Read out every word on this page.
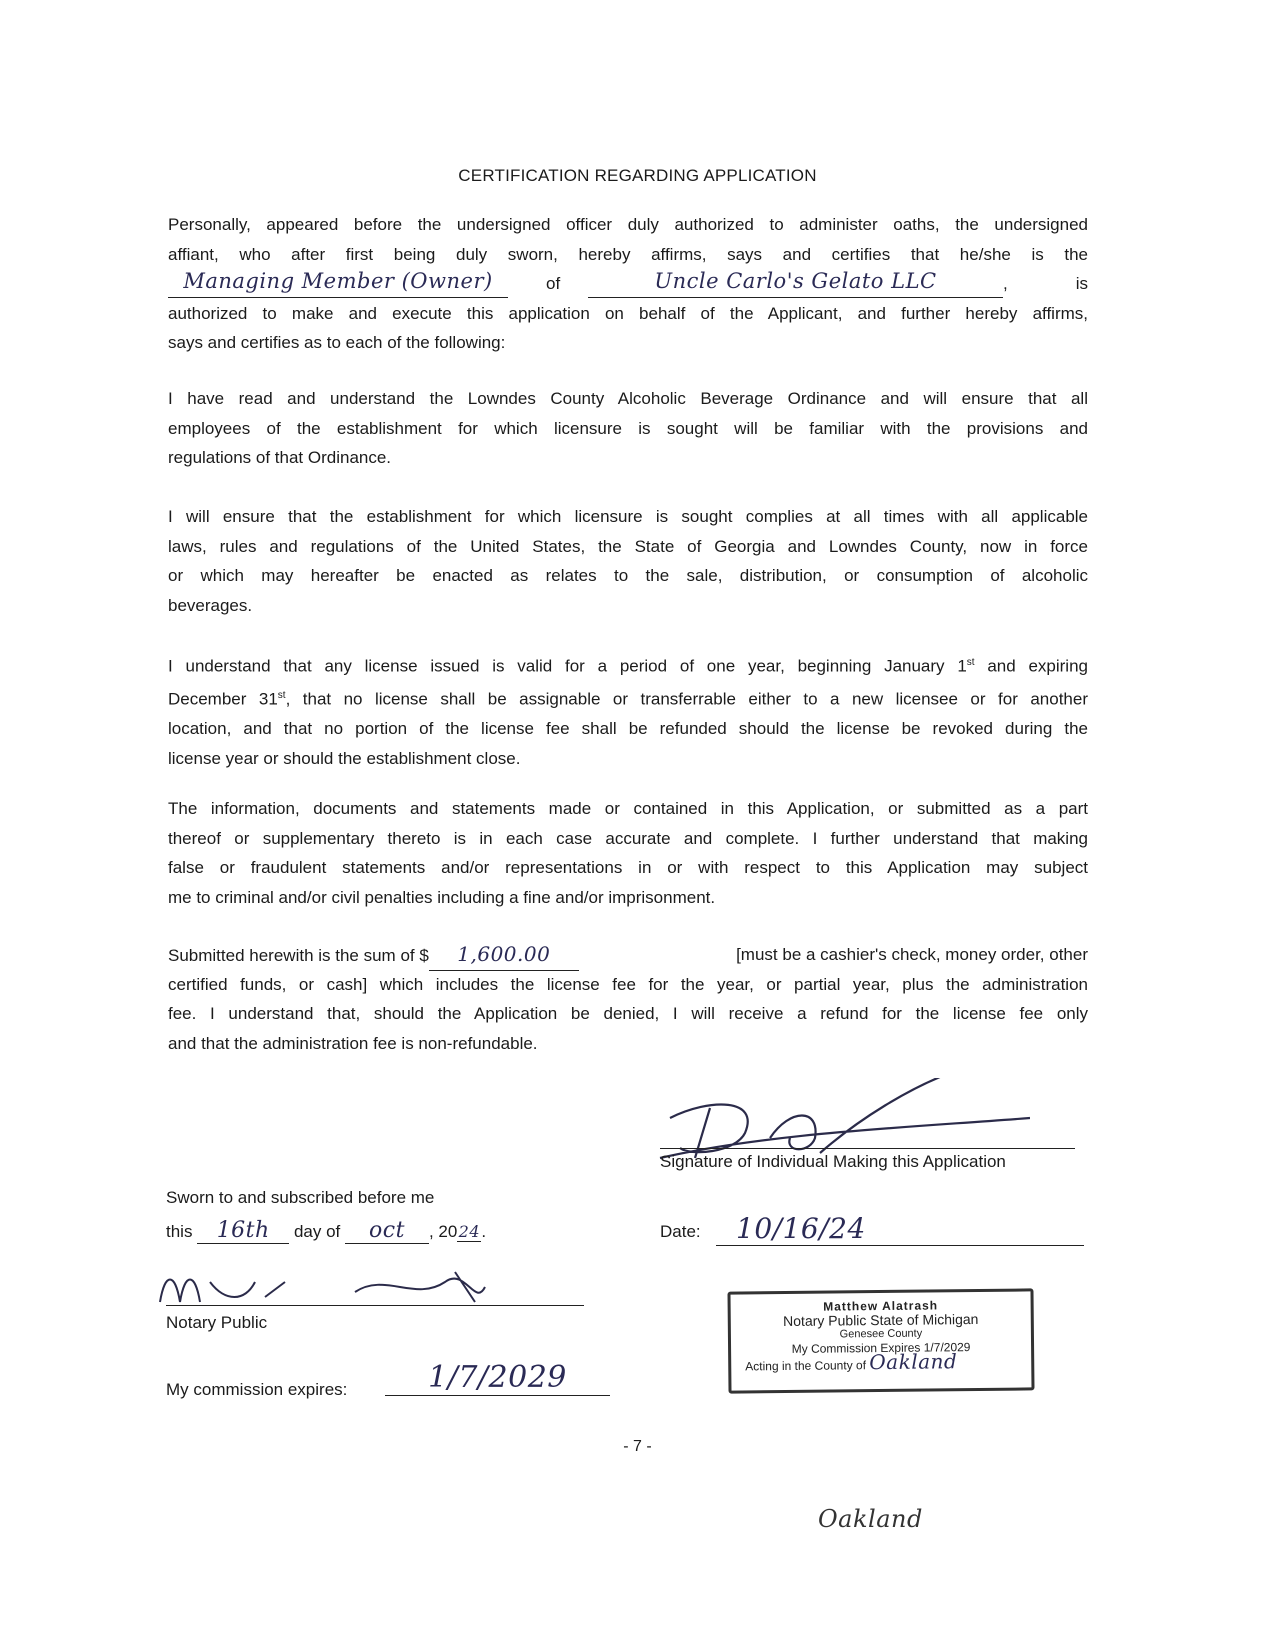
CERTIFICATION REGARDING APPLICATION
Personally, appeared before the undersigned officer duly authorized to administer oaths, the undersigned
affiant, who after first being duly sworn, hereby affirms, says and certifies that he/she is the
Managing Member (Owner)	of	Uncle Carlo's Gelato LLC	,	is
authorized to make and execute this application on behalf of the Applicant, and further hereby affirms,
says and certifies as to each of the following:
I have read and understand the Lowndes County Alcoholic Beverage Ordinance and will ensure that all
employees of the establishment for which licensure is sought will be familiar with the provisions and
regulations of that Ordinance.
I will ensure that the establishment for which licensure is sought complies at all times with all applicable
laws, rules and regulations of the United States, the State of Georgia and Lowndes County, now in force
or which may hereafter be enacted as relates to the sale, distribution, or consumption of alcoholic
beverages.
I understand that any license issued is valid for a period of one year, beginning January 1st and expiring
December 31st, that no license shall be assignable or transferrable either to a new licensee or for another
location, and that no portion of the license fee shall be refunded should the license be revoked during the
license year or should the establishment close.
The information, documents and statements made or contained in this Application, or submitted as a part
thereof or supplementary thereto is in each case accurate and complete. I further understand that making
false or fraudulent statements and/or representations in or with respect to this Application may subject
me to criminal and/or civil penalties including a fine and/or imprisonment.
Submitted herewith is the sum of $ 1,600.00	[must be a cashier's check, money order, other
certified funds, or cash] which includes the license fee for the year, or partial year, plus the administration
fee. I understand that, should the Application be denied, I will receive a refund for the license fee only
and that the administration fee is non-refundable.
Signature of Individual Making this Application
Date:	10/16/24
Sworn to and subscribed before me
this 16th day of oct , 2024.
Notary Public
My commission expires:	1/7/2029
Matthew Alatrash
Notary Public State of Michigan
Genesee County
My Commission Expires 1/7/2029
Acting in the County of Oakland
- 7 -
Oakland
